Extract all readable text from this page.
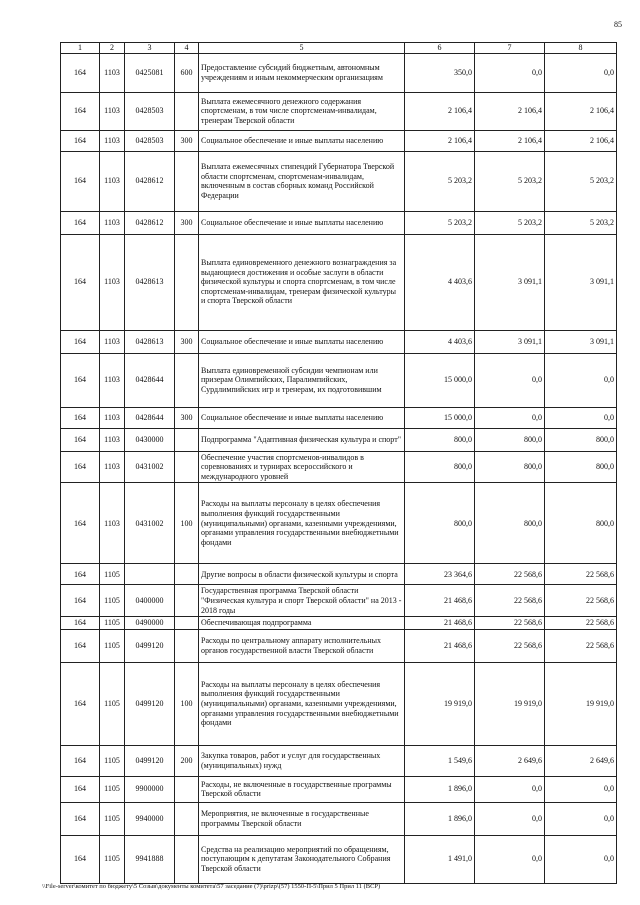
85
1	2	3	4	5	6	7	8
164	1103	0425081	600	Предоставление субсидий бюджетным, автономным учреждениям и иным некоммерческим организациям	350,0	0,0	0,0
164	1103	0428503		Выплата ежемесячного денежного содержания спортсменам, в том числе спортсменам-инвалидам, тренерам Тверской области	2 106,4	2 106,4	2 106,4
164	1103	0428503	300	Социальное обеспечение и иные выплаты населению	2 106,4	2 106,4	2 106,4
164	1103	0428612		Выплата ежемесячных стипендий Губернатора Тверской области спортсменам, спортсменам-инвалидам, включенным в состав сборных команд Российской Федерации	5 203,2	5 203,2	5 203,2
164	1103	0428612	300	Социальное обеспечение и иные выплаты населению	5 203,2	5 203,2	5 203,2
164	1103	0428613		Выплата единовременного денежного вознаграждения за выдающиеся достижения и особые заслуги в области физической культуры и спорта спортсменам, в том числе спортсменам-инвалидам, тренерам физической культуры и спорта Тверской области	4 403,6	3 091,1	3 091,1
164	1103	0428613	300	Социальное обеспечение и иные выплаты населению	4 403,6	3 091,1	3 091,1
164	1103	0428644		Выплата единовременной субсидии чемпионам или призерам Олимпийских, Паралимпийских, Сурдлимпийских игр и тренерам, их подготовившим	15 000,0	0,0	0,0
164	1103	0428644	300	Социальное обеспечение и иные выплаты населению	15 000,0	0,0	0,0
164	1103	0430000		Подпрограмма "Адаптивная физическая культура и спорт"	800,0	800,0	800,0
164	1103	0431002		Обеспечение участия спортсменов-инвалидов в соревнованиях и турнирах всероссийского и международного уровней	800,0	800,0	800,0
164	1103	0431002	100	Расходы на выплаты персоналу в целях обеспечения выполнения функций государственными (муниципальными) органами, казенными учреждениями, органами управления государственными внебюджетными фондами	800,0	800,0	800,0
164	1105			Другие вопросы в области физической культуры и спорта	23 364,6	22 568,6	22 568,6
164	1105	0400000		Государственная программа Тверской области "Физическая культура и спорт Тверской области" на 2013 - 2018 годы	21 468,6	22 568,6	22 568,6
164	1105	0490000		Обеспечивающая подпрограмма	21 468,6	22 568,6	22 568,6
164	1105	0499120		Расходы по центральному аппарату исполнительных органов государственной власти Тверской области	21 468,6	22 568,6	22 568,6
164	1105	0499120	100	Расходы на выплаты персоналу в целях обеспечения выполнения функций государственными (муниципальными) органами, казенными учреждениями, органами управления государственными внебюджетными фондами	19 919,0	19 919,0	19 919,0
164	1105	0499120	200	Закупка товаров, работ и услуг для государственных (муниципальных) нужд	1 549,6	2 649,6	2 649,6
164	1105	9900000		Расходы, не включенные в государственные программы Тверской области	1 896,0	0,0	0,0
164	1105	9940000		Мероприятия, не включенные в государственные программы Тверской области	1 896,0	0,0	0,0
164	1105	9941888		Средства на реализацию мероприятий по обращениям, поступающим к депутатам Законодательного Собрания Тверской области	1 491,0	0,0	0,0
\\File-server\комитет по бюджету\5 Созыв\документы комитета\57 заседание (7)\prizp\(57) 1550-П-5\Прил 5 Прил 11 (ВСР)
